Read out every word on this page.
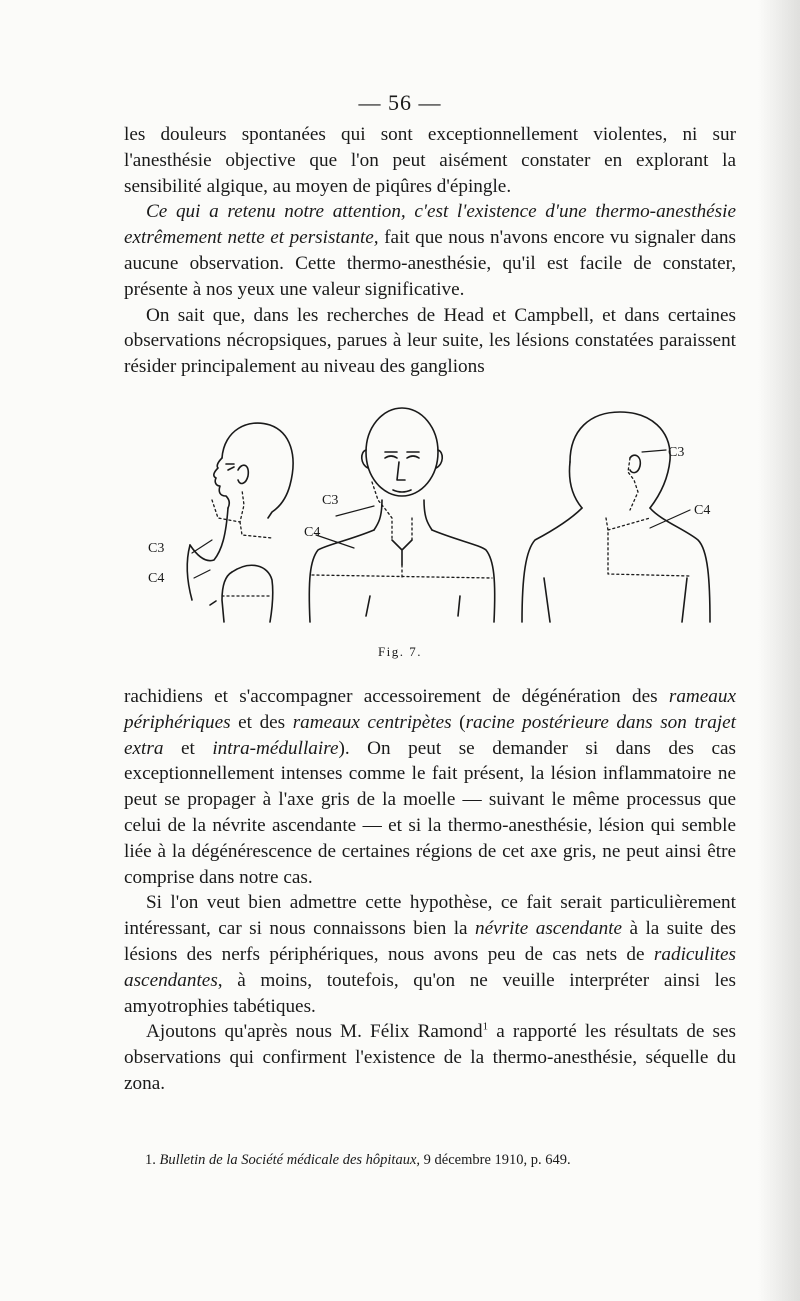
— 56 —

les douleurs spontanées qui sont exceptionnellement violentes, ni sur l'anesthésie objective que l'on peut aisément constater en explorant la sensibilité algique, au moyen de piqûres d'épingle.

Ce qui a retenu notre attention, c'est l'existence d'une thermo-anesthésie extrêmement nette et persistante, fait que nous n'avons encore vu signaler dans aucune observation. Cette thermo-anesthésie, qu'il est facile de constater, présente à nos yeux une valeur significative.

On sait que, dans les recherches de Head et Campbell, et dans certaines observations nécropsiques, parues à leur suite, les lésions constatées paraissent résider principalement au niveau des ganglions

C3
C4
C3
C4
C3
C4
Fig. 7.

rachidiens et s'accompagner accessoirement de dégénération des rameaux périphériques et des rameaux centripètes (racine postérieure dans son trajet extra et intra-médullaire). On peut se demander si dans des cas exceptionnellement intenses comme le fait présent, la lésion inflammatoire ne peut se propager à l'axe gris de la moelle — suivant le même processus que celui de la névrite ascendante — et si la thermo-anesthésie, lésion qui semble liée à la dégénérescence de certaines régions de cet axe gris, ne peut ainsi être comprise dans notre cas.

Si l'on veut bien admettre cette hypothèse, ce fait serait particulièrement intéressant, car si nous connaissons bien la névrite ascendante à la suite des lésions des nerfs périphériques, nous avons peu de cas nets de radiculites ascendantes, à moins, toutefois, qu'on ne veuille interpréter ainsi les amyotrophies tabétiques.

Ajoutons qu'après nous M. Félix Ramond$^1$ a rapporté les résultats de ses observations qui confirment l'existence de la thermo-anesthésie, séquelle du zona.

1. Bulletin de la Société médicale des hôpitaux, 9 décembre 1910, p. 649.
